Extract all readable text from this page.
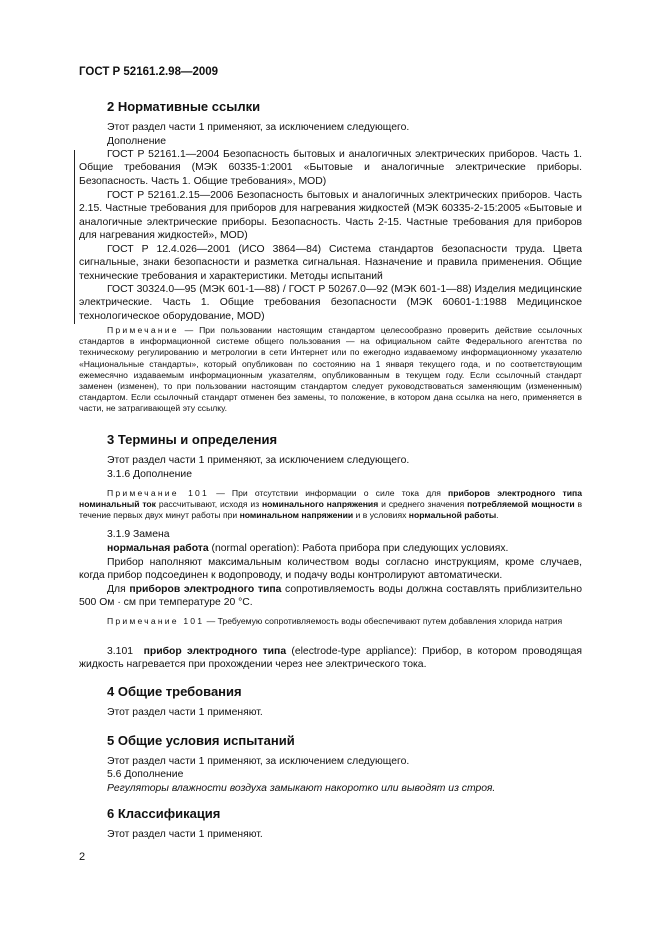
ГОСТ Р 52161.2.98—2009
2 Нормативные ссылки
Этот раздел части 1 применяют, за исключением следующего.
Дополнение
ГОСТ Р 52161.1—2004 Безопасность бытовых и аналогичных электрических приборов. Часть 1. Общие требования (МЭК 60335-1:2001 «Бытовые и аналогичные электрические приборы. Безопасность. Часть 1. Общие требования», MOD)
ГОСТ Р 52161.2.15—2006 Безопасность бытовых и аналогичных электрических приборов. Часть 2.15. Частные требования для приборов для нагревания жидкостей (МЭК 60335-2-15:2005 «Бытовые и аналогичные электрические приборы. Безопасность. Часть 2-15. Частные требования для приборов для нагревания жидкостей», MOD)
ГОСТ Р 12.4.026—2001 (ИСО 3864—84) Система стандартов безопасности труда. Цвета сигнальные, знаки безопасности и разметка сигнальная. Назначение и правила применения. Общие технические требования и характеристики. Методы испытаний
ГОСТ 30324.0—95 (МЭК 601-1—88) / ГОСТ Р 50267.0—92 (МЭК 601-1—88) Изделия медицинские электрические. Часть 1. Общие требования безопасности (МЭК 60601-1:1988 Медицинское технологическое оборудование, MOD)
Примечание — При пользовании настоящим стандартом целесообразно проверить действие ссылочных стандартов в информационной системе общего пользования — на официальном сайте Федерального агентства по техническому регулированию и метрологии в сети Интернет или по ежегодно издаваемому информационному указателю «Национальные стандарты», который опубликован по состоянию на 1 января текущего года, и по соответствующим ежемесячно издаваемым информационным указателям, опубликованным в текущем году. Если ссылочный стандарт заменен (изменен), то при пользовании настоящим стандартом следует руководствоваться заменяющим (измененным) стандартом. Если ссылочный стандарт отменен без замены, то положение, в котором дана ссылка на него, применяется в части, не затрагивающей эту ссылку.
3 Термины и определения
Этот раздел части 1 применяют, за исключением следующего.
3.1.6 Дополнение
Примечание 101 — При отсутствии информации о силе тока для приборов электродного типа номинальный ток рассчитывают, исходя из номинального напряжения и среднего значения потребляемой мощности в течение первых двух минут работы при номинальном напряжении и в условиях нормальной работы.
3.1.9 Замена
нормальная работа (normal operation): Работа прибора при следующих условиях.
Прибор наполняют максимальным количеством воды согласно инструкциям, кроме случаев, когда прибор подсоединен к водопроводу, и подачу воды контролируют автоматически.
Для приборов электродного типа сопротивляемость воды должна составлять приблизительно 500 Ом · см при температуре 20 °С.
Примечание 101 — Требуемую сопротивляемость воды обеспечивают путем добавления хлорида натрия
3.101 прибор электродного типа (electrode-type appliance): Прибор, в котором проводящая жидкость нагревается при прохождении через нее электрического тока.
4 Общие требования
Этот раздел части 1 применяют.
5 Общие условия испытаний
Этот раздел части 1 применяют, за исключением следующего.
5.6 Дополнение
Регуляторы влажности воздуха замыкают накоротко или выводят из строя.
6 Классификация
Этот раздел части 1 применяют.
2
